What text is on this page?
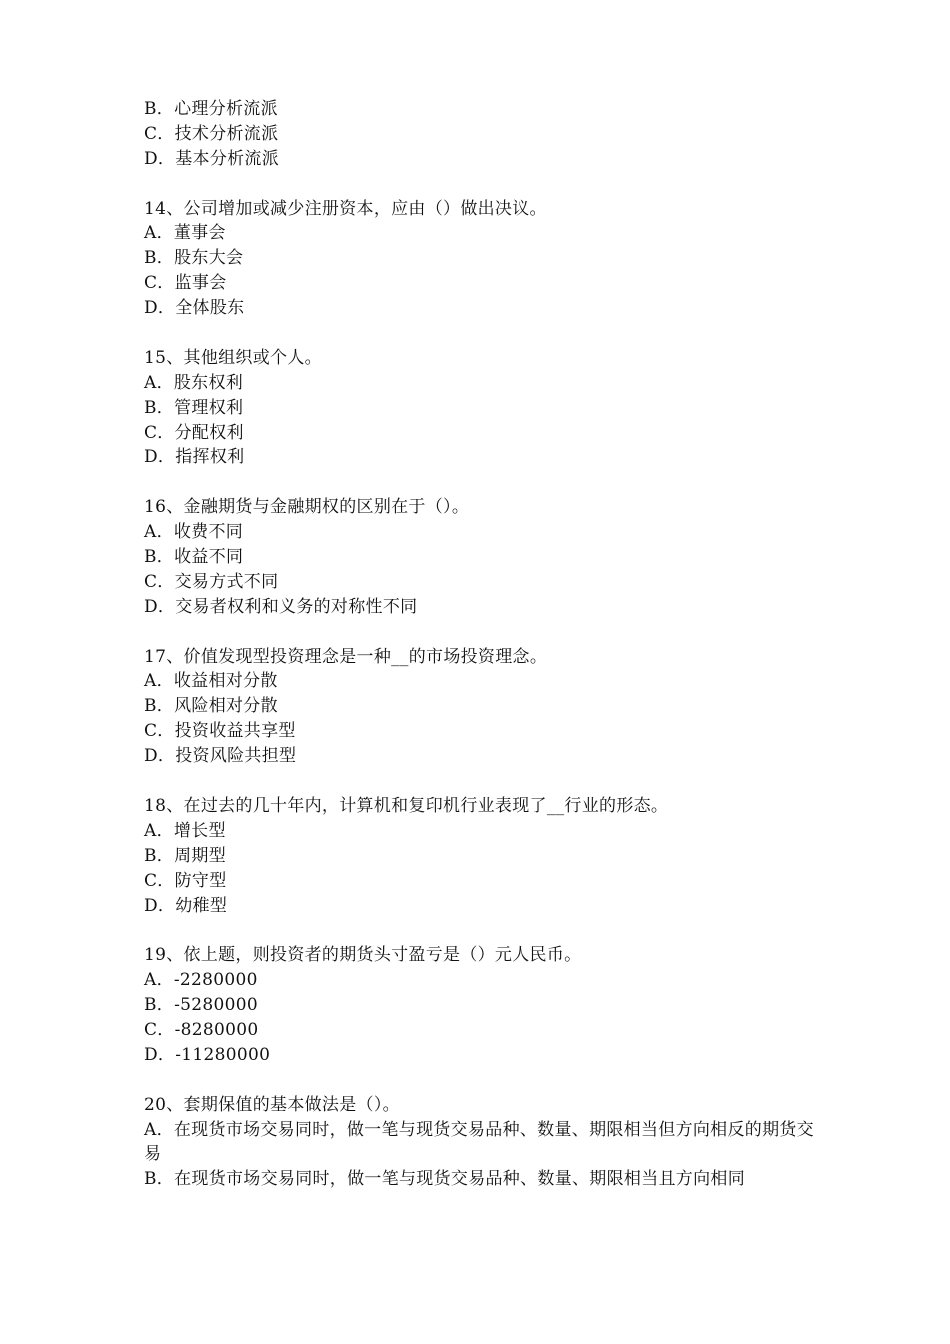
B．心理分析流派
C．技术分析流派
D．基本分析流派
14、公司增加或减少注册资本，应由（）做出决议。
A．董事会
B．股东大会
C．监事会
D．全体股东
15、其他组织或个人。
A．股东权利
B．管理权利
C．分配权利
D．指挥权利
16、金融期货与金融期权的区别在于（）。
A．收费不同
B．收益不同
C．交易方式不同
D．交易者权利和义务的对称性不同
17、价值发现型投资理念是一种__的市场投资理念。
A．收益相对分散
B．风险相对分散
C．投资收益共享型
D．投资风险共担型
18、在过去的几十年内，计算机和复印机行业表现了__行业的形态。
A．增长型
B．周期型
C．防守型
D．幼稚型
19、依上题，则投资者的期货头寸盈亏是（）元人民币。
A．-2280000
B．-5280000
C．-8280000
D．-11280000
20、套期保值的基本做法是（）。
A．在现货市场交易同时，做一笔与现货交易品种、数量、期限相当但方向相反的期货交易
B．在现货市场交易同时，做一笔与现货交易品种、数量、期限相当且方向相同
